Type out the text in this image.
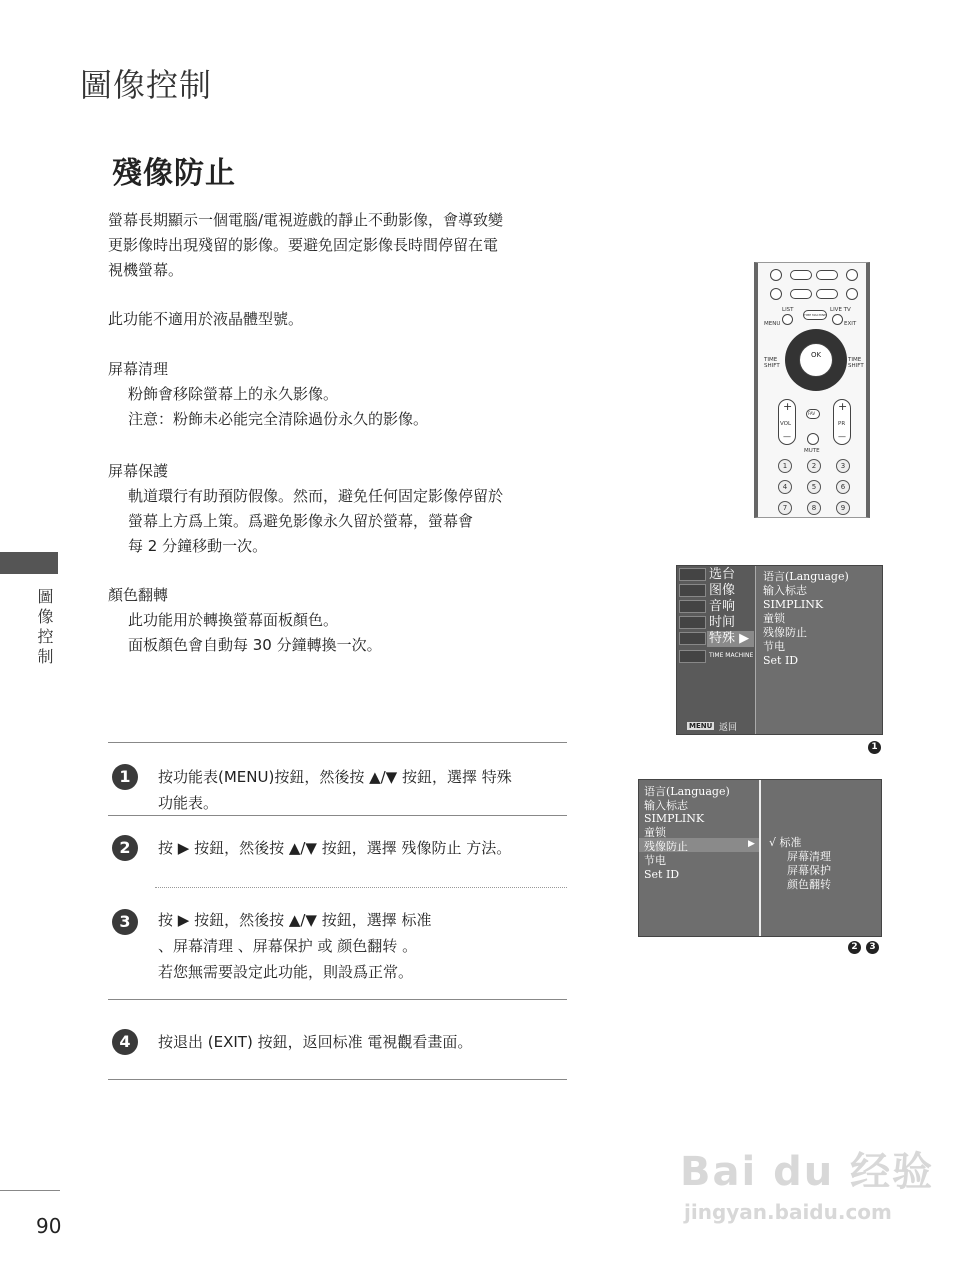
圖像控制
殘像防止
螢幕長期顯示一個電腦/電視遊戲的靜止不動影像，會導致變
更影像時出現殘留的影像。要避免固定影像長時間停留在電
視機螢幕。
此功能不適用於液晶體型號。
屏幕清理
粉飾會移除螢幕上的永久影像。
注意：粉飾未必能完全清除過份永久的影像。
屏幕保護
軌道環行有助預防假像。然而，避免任何固定影像停留於
螢幕上方爲上策。爲避免影像永久留於螢幕，螢幕會
每 2 分鐘移動一次。
顏色翻轉
此功能用於轉換螢幕面板顏色。
面板顏色會自動每 30 分鐘轉換一次。
圖像控制
1	按功能表(MENU)按鈕，然後按 ▲/▼ 按鈕，選擇 特殊
功能表。
2	按 ▶ 按鈕，然後按 ▲/▼ 按鈕，選擇 残像防止 方法。
3	按 ▶ 按鈕，然後按 ▲/▼ 按鈕，選擇 标准
、屏幕清理 、屏幕保护 或 颜色翻转 。
若您無需要設定此功能，則設爲正常。
4	按退出 (EXIT) 按鈕，返回标准 電視觀看畫面。
90
LIST
TIME MACHINE
LIVE TV
MENU	EXIT
OK
TIME SHIFT
TIME SHIFT
+
VOL
—
+
PR
—
FAV
MUTE
1	2	3
4	5	6
7	8	9
选台
图像
音响
时间
特殊 ▶
TIME MACHINE
语言(Language)
输入标志
SIMPLINK
童锁
残像防止
节电
Set ID
MENU 返回
1
语言(Language)
输入标志
SIMPLINK
童锁
残像防止
节电
Set ID
▶ √ 标准
屏幕清理
屏幕保护
颜色翻转
2	3
Bai du 经验
jingyan.baidu.com
